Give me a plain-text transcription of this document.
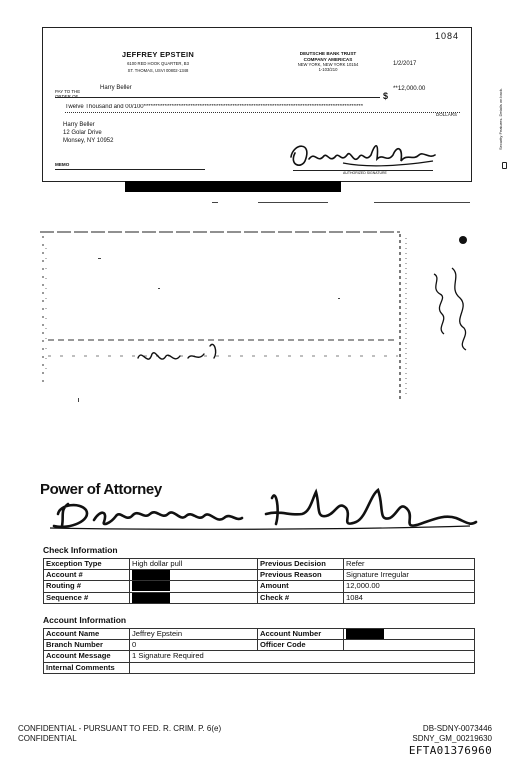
1084
JEFFREY EPSTEIN
6100 RED HOOK QUARTER, B3
ST. THOMAS, USVI 00802-1348
DEUTSCHE BANK TRUST
COMPANY AMERICAS
NEW YORK, NEW YORK 10154
1-103/210
1/2/2017
PAY TO THE
ORDER OF
Harry Beller
$
**12,000.00
Twelve Thousand and 00/100**********************************************************************************************
DOLLARS
Harry Beller
12 Golar Drive
Monsey, NY 10952
MEMO
AUTHORIZED SIGNATURE
Security Features. Details on back.
Power of Attorney
Check Information
Exception Type	High dollar pull	Previous Decision	Refer
Account #		Previous Reason	Signature Irregular
Routing #		Amount	12,000.00
Sequence #		Check #	1084
Account Information
Account Name	Jeffrey Epstein	Account Number	
Branch Number	0	Officer Code	
Account Message	1 Signature Required		
Internal Comments			
CONFIDENTIAL - PURSUANT TO FED. R. CRIM. P. 6(e)
CONFIDENTIAL
DB-SDNY-0073446
SDNY_GM_00219630
EFTA01376960
